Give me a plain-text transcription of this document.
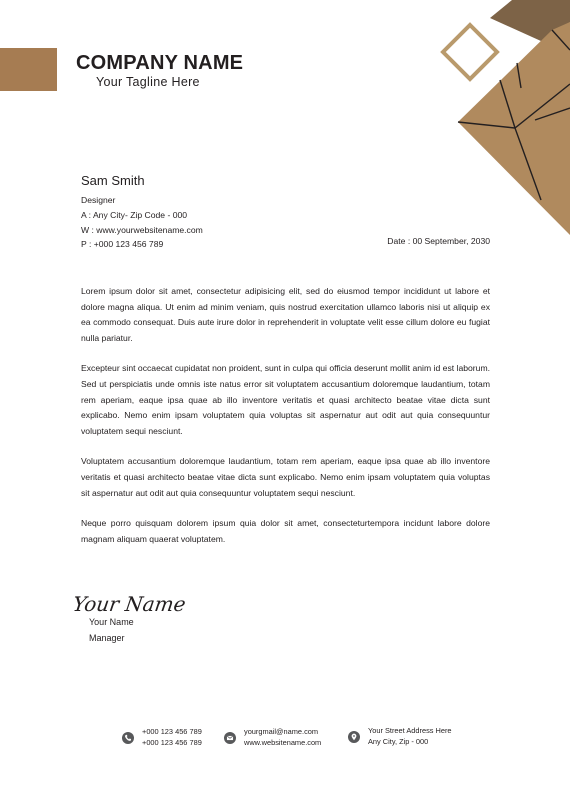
COMPANY NAME
Your Tagline Here
Sam Smith
Designer
A : Any City- Zip Code - 000
W : www.yourwebsitename.com
P : +000 123 456 789	Date : 00 September, 2030

Lorem ipsum dolor sit amet, consectetur adipisicing elit, sed do eiusmod tempor incididunt ut labore et dolore magna aliqua. Ut enim ad minim veniam, quis nostrud exercitation ullamco laboris nisi ut aliquip ex ea commodo consequat. Duis aute irure dolor in reprehenderit in voluptate velit esse cillum dolore eu fugiat nulla pariatur.

Excepteur sint occaecat cupidatat non proident, sunt in culpa qui officia deserunt mollit anim id est laborum. Sed ut perspiciatis unde omnis iste natus error sit voluptatem accusantium doloremque laudantium, totam rem aperiam, eaque ipsa quae ab illo inventore veritatis et quasi architecto beatae vitae dicta sunt explicabo. Nemo enim ipsam voluptatem quia voluptas sit aspernatur aut odit aut quia consequuntur voluptatem sequi nesciunt.

Voluptatem accusantium doloremque laudantium, totam rem aperiam, eaque ipsa quae ab illo inventore veritatis et quasi architecto beatae vitae dicta sunt explicabo. Nemo enim ipsam voluptatem quia voluptas sit aspernatur aut odit aut quia consequuntur voluptatem sequi nesciunt.

Neque porro quisquam dolorem ipsum quia dolor sit amet, consecteturtempora incidunt labore dolore magnam aliquam quaerat voluptatem.

Your Name
Your Name
Manager
+000 123 456 789
+000 123 456 789
yourgmail@name.com
www.websitename.com
Your Street Address Here
Any City, Zip - 000
